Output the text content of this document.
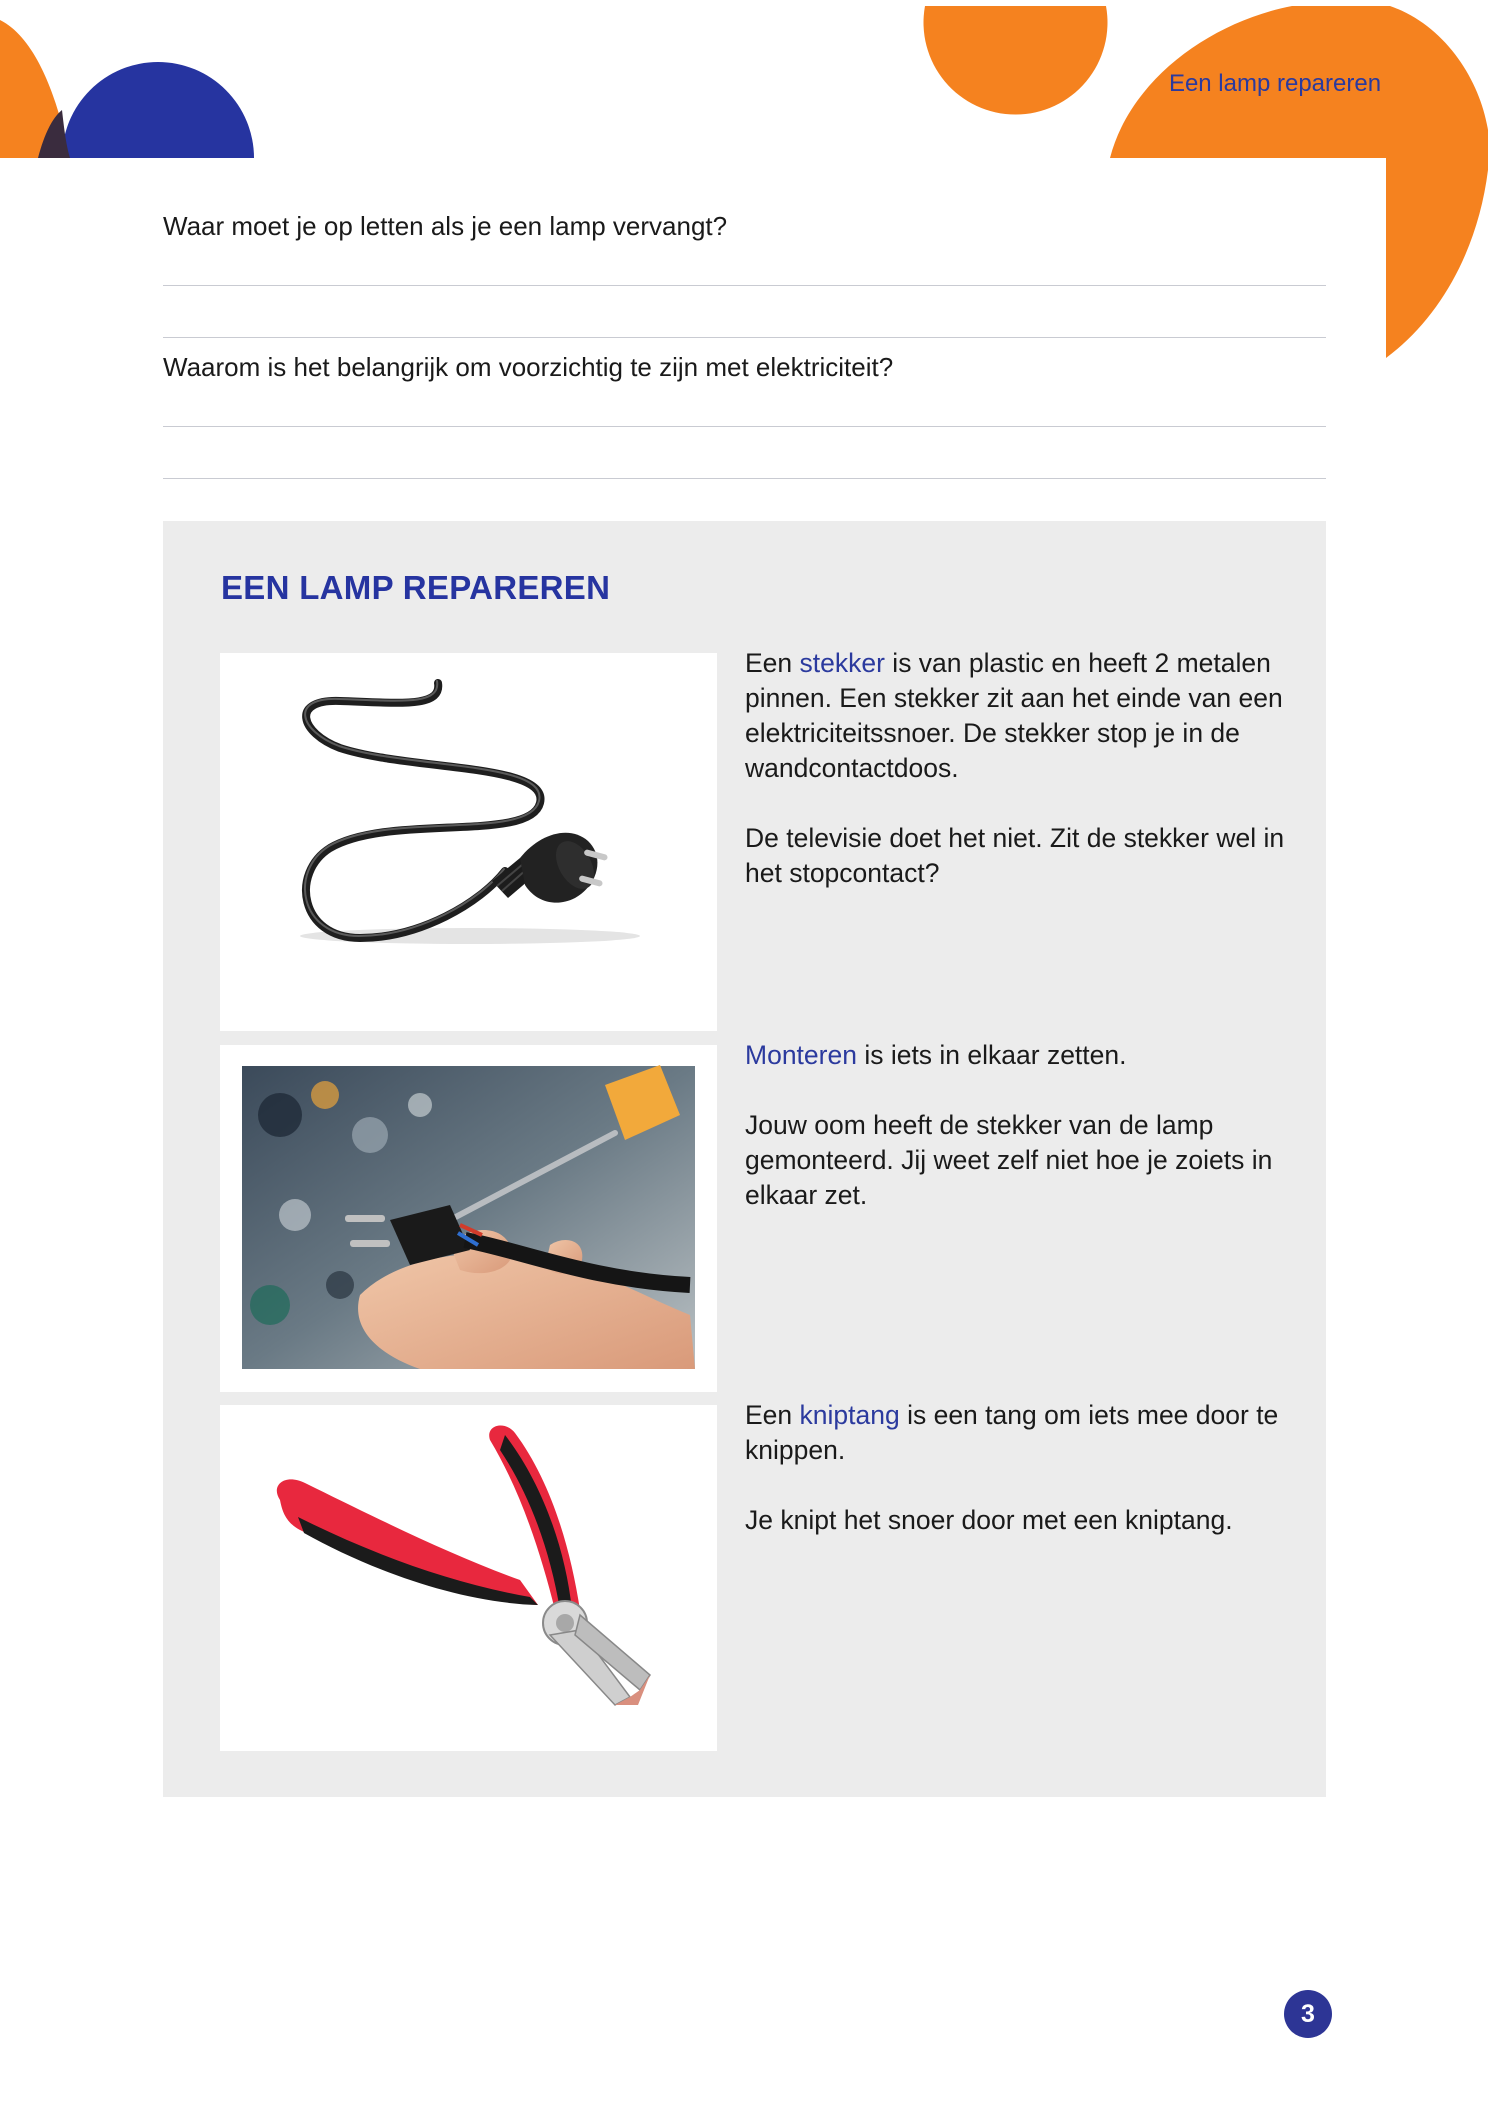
Een lamp repareren
Waar moet je op letten als je een lamp vervangt?
Waarom is het belangrijk om voorzichtig te zijn met elektriciteit?
EEN LAMP REPAREREN

Een stekker is van plastic en heeft 2 metalen pinnen. Een stekker zit aan het einde van een elektriciteitssnoer. De stekker stop je in de wandcontactdoos.

De televisie doet het niet. Zit de stekker wel in het stopcontact?

Monteren is iets in elkaar zetten.

Jouw oom heeft de stekker van de lamp gemonteerd. Jij weet zelf niet hoe je zoiets in elkaar zet.

Een kniptang is een tang om iets mee door te knippen.

Je knipt het snoer door met een kniptang.

3
